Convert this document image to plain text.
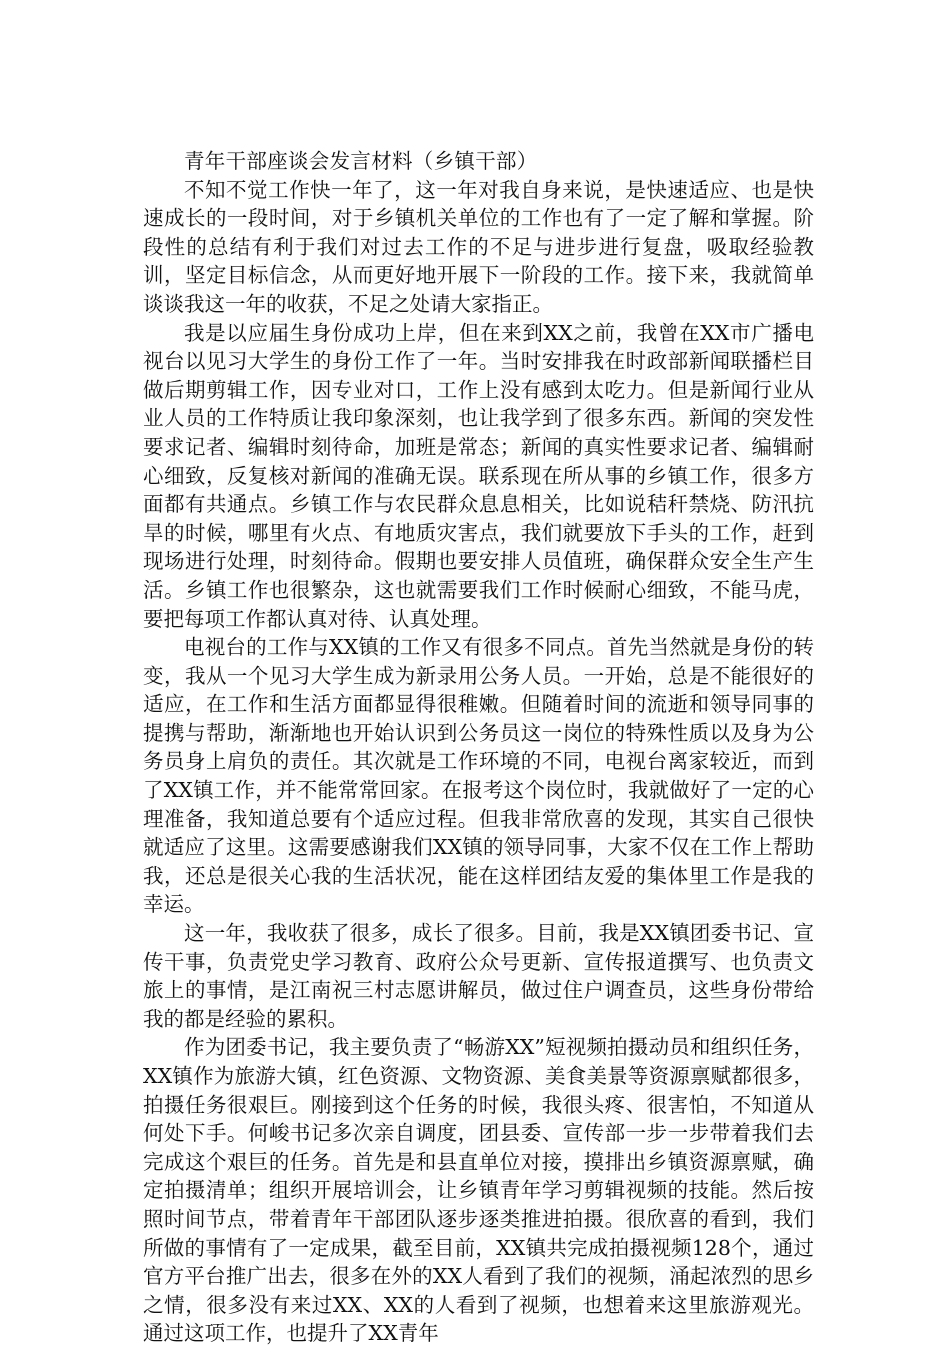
青年干部座谈会发言材料（乡镇干部）

不知不觉工作快一年了，这一年对我自身来说，是快速适应、也是快速成长的一段时间，对于乡镇机关单位的工作也有了一定了解和掌握。阶段性的总结有利于我们对过去工作的不足与进步进行复盘，吸取经验教训，坚定目标信念，从而更好地开展下一阶段的工作。接下来，我就简单谈谈我这一年的收获，不足之处请大家指正。

我是以应届生身份成功上岸，但在来到XX之前，我曾在XX市广播电视台以见习大学生的身份工作了一年。当时安排我在时政部新闻联播栏目做后期剪辑工作，因专业对口，工作上没有感到太吃力。但是新闻行业从业人员的工作特质让我印象深刻，也让我学到了很多东西。新闻的突发性要求记者、编辑时刻待命，加班是常态；新闻的真实性要求记者、编辑耐心细致，反复核对新闻的准确无误。联系现在所从事的乡镇工作，很多方面都有共通点。乡镇工作与农民群众息息相关，比如说秸秆禁烧、防汛抗旱的时候，哪里有火点、有地质灾害点，我们就要放下手头的工作，赶到现场进行处理，时刻待命。假期也要安排人员值班，确保群众安全生产生活。乡镇工作也很繁杂，这也就需要我们工作时候耐心细致，不能马虎，要把每项工作都认真对待、认真处理。

电视台的工作与XX镇的工作又有很多不同点。首先当然就是身份的转变，我从一个见习大学生成为新录用公务人员。一开始，总是不能很好的适应，在工作和生活方面都显得很稚嫩。但随着时间的流逝和领导同事的提携与帮助，渐渐地也开始认识到公务员这一岗位的特殊性质以及身为公务员身上肩负的责任。其次就是工作环境的不同，电视台离家较近，而到了XX镇工作，并不能常常回家。在报考这个岗位时，我就做好了一定的心理准备，我知道总要有个适应过程。但我非常欣喜的发现，其实自己很快就适应了这里。这需要感谢我们XX镇的领导同事，大家不仅在工作上帮助我，还总是很关心我的生活状况，能在这样团结友爱的集体里工作是我的幸运。

这一年，我收获了很多，成长了很多。目前，我是XX镇团委书记、宣传干事，负责党史学习教育、政府公众号更新、宣传报道撰写、也负责文旅上的事情，是江南祝三村志愿讲解员，做过住户调查员，这些身份带给我的都是经验的累积。

作为团委书记，我主要负责了“畅游XX”短视频拍摄动员和组织任务，XX镇作为旅游大镇，红色资源、文物资源、美食美景等资源禀赋都很多，拍摄任务很艰巨。刚接到这个任务的时候，我很头疼、很害怕，不知道从何处下手。何峻书记多次亲自调度，团县委、宣传部一步一步带着我们去完成这个艰巨的任务。首先是和县直单位对接，摸排出乡镇资源禀赋，确定拍摄清单；组织开展培训会，让乡镇青年学习剪辑视频的技能。然后按照时间节点，带着青年干部团队逐步逐类推进拍摄。很欣喜的看到，我们所做的事情有了一定成果，截至目前，XX镇共完成拍摄视频128个，通过官方平台推广出去，很多在外的XX人看到了我们的视频，涌起浓烈的思乡之情，很多没有来过XX、XX的人看到了视频，也想着来这里旅游观光。通过这项工作，也提升了XX青年
